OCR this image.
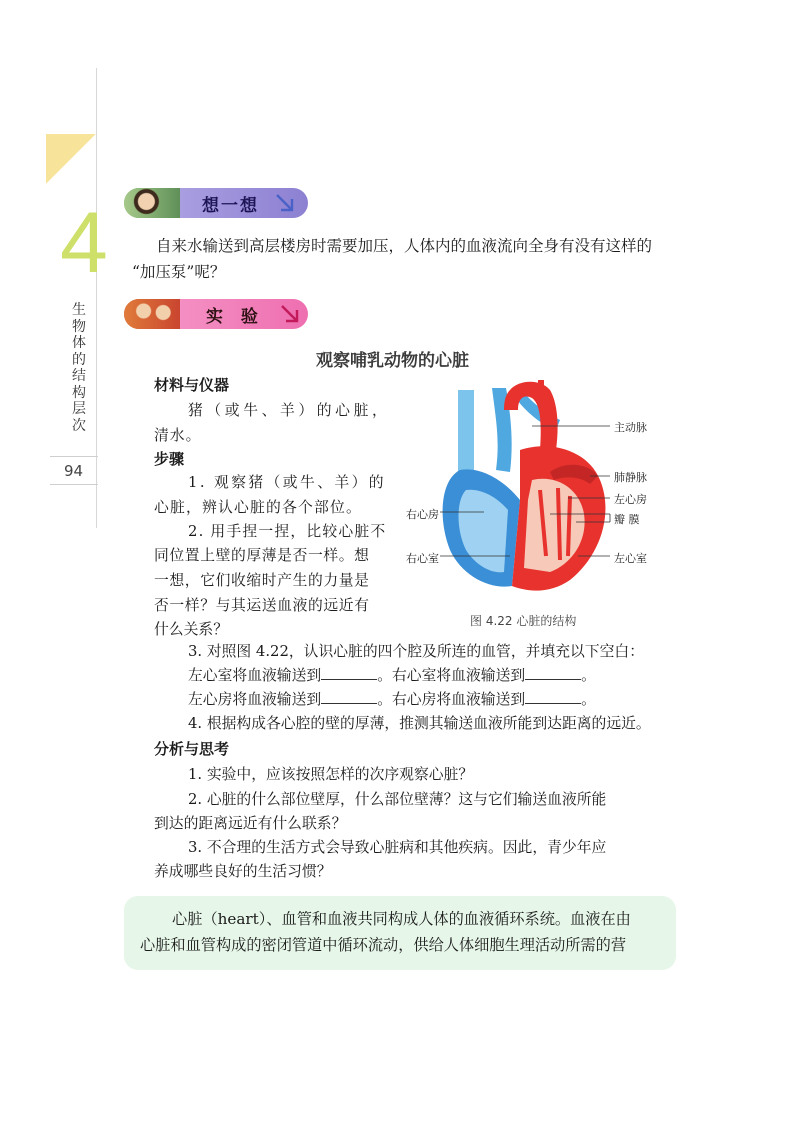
4
生物体的结构层次
94
想一想
自来水输送到高层楼房时需要加压，人体内的血液流向全身有没有这样的
“加压泵”呢？
实 验
观察哺乳动物的心脏
材料与仪器
猪（或牛、羊）的心脏，
清水。
步骤
1. 观察猪（或牛、羊）的
心脏，辨认心脏的各个部位。
2. 用手捏一捏，比较心脏不
同位置上壁的厚薄是否一样。想
一想，它们收缩时产生的力量是
否一样？与其运送血液的远近有
什么关系？
主动脉
肺静脉
左心房
瓣 膜
右心房
右心室	左心室
图 4.22 心脏的结构
3. 对照图 4.22，认识心脏的四个腔及所连的血管，并填充以下空白：
左心室将血液输送到	。右心室将血液输送到	。
左心房将血液输送到	。右心房将血液输送到	。
4. 根据构成各心腔的壁的厚薄，推测其输送血液所能到达距离的远近。
分析与思考
1. 实验中，应该按照怎样的次序观察心脏？
2. 心脏的什么部位壁厚，什么部位壁薄？这与它们输送血液所能
到达的距离远近有什么联系？
3. 不合理的生活方式会导致心脏病和其他疾病。因此，青少年应
养成哪些良好的生活习惯？
心脏（heart）、血管和血液共同构成人体的血液循环系统。血液在由
心脏和血管构成的密闭管道中循环流动，供给人体细胞生理活动所需的营
